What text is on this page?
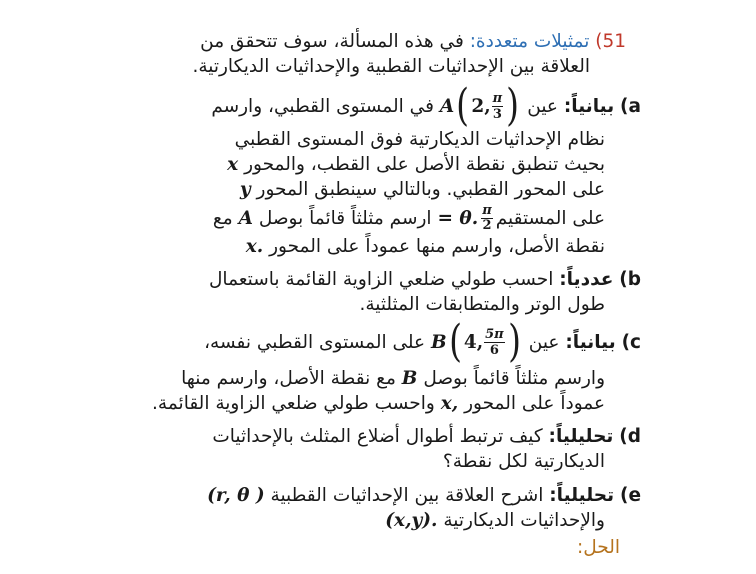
51) تمثيلات متعددة: في هذه المسألة، سوف تتحقق من
العلاقة بين الإحداثيات القطبية والإحداثيات الديكارتية.
a)

بيانياً:

عين

A ( 2 , $\frac{\pi}{3}$ )

في المستوى القطبي، وارسم
نظام الإحداثيات الديكارتية فوق المستوى القطبي
بحيث تنطبق نقطة الأصل على القطب، والمحور x
على المحور القطبي. وبالتالي سينطبق المحور y
على المستقيم
$\frac{\pi}{2}$
= θ.

ارسم مثلثاً قائماً بوصل

A

مع
نقطة الأصل، وارسم منها عموداً على المحور x.
b) عددياً: احسب طولي ضلعي الزاوية القائمة باستعمال
طول الوتر والمتطابقات المثلثية.
c)

بيانياً:

عين

B ( 4 , $\frac{5\pi}{6}$ )

على المستوى القطبي نفسه،
وارسم مثلثاً قائماً بوصل B مع نقطة الأصل، وارسم منها
عموداً على المحور x, واحسب طولي ضلعي الزاوية القائمة.
d) تحليلياً: كيف ترتبط أطوال أضلاع المثلث بالإحداثيات
الديكارتية لكل نقطة؟
e) تحليلياً: اشرح العلاقة بين الإحداثيات القطبية (r, θ )
والإحداثيات الديكارتية (x,y).
الحل:
